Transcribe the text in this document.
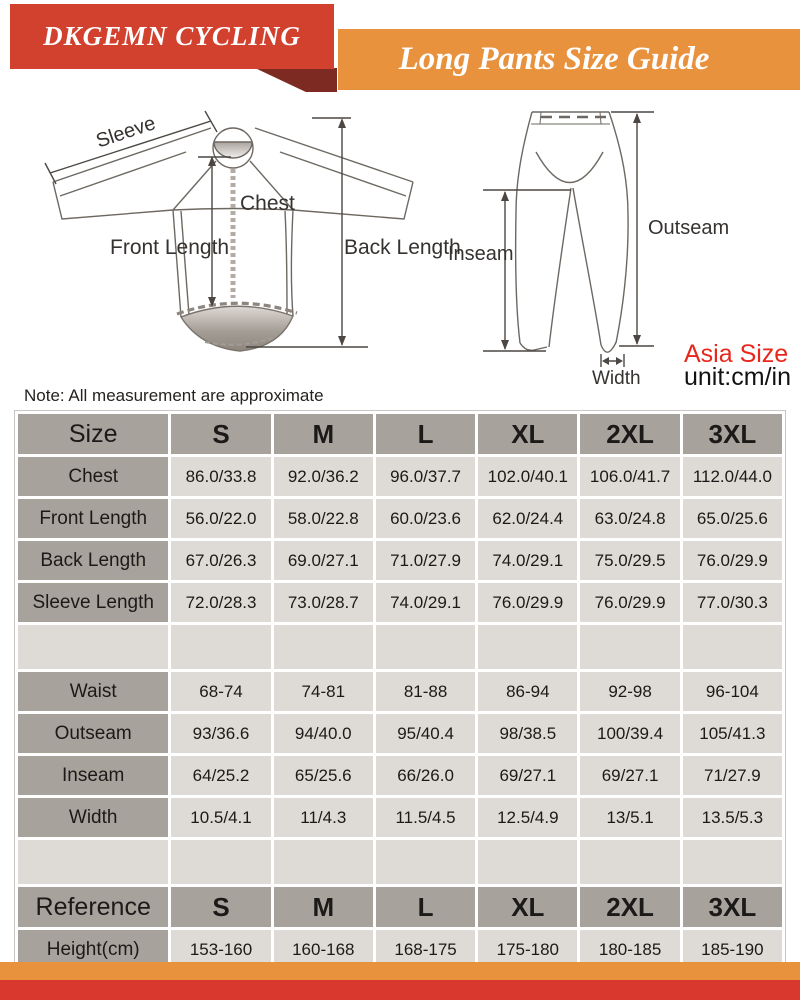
Long Pants Size Guide
DKGEMN CYCLING
Sleeve
Chest
Front Length	Back Length
Inseam
Outseam
Width
Asia Size
unit:cm/in
Note: All measurement are approximate
Size	S	M	L	XL	2XL	3XL
Chest	86.0/33.8	92.0/36.2	96.0/37.7	102.0/40.1	106.0/41.7	112.0/44.0
Front Length	56.0/22.0	58.0/22.8	60.0/23.6	62.0/24.4	63.0/24.8	65.0/25.6
Back Length	67.0/26.3	69.0/27.1	71.0/27.9	74.0/29.1	75.0/29.5	76.0/29.9
Sleeve Length	72.0/28.3	73.0/28.7	74.0/29.1	76.0/29.9	76.0/29.9	77.0/30.3

Waist	68-74	74-81	81-88	86-94	92-98	96-104
Outseam	93/36.6	94/40.0	95/40.4	98/38.5	100/39.4	105/41.3
Inseam	64/25.2	65/25.6	66/26.0	69/27.1	69/27.1	71/27.9
Width	10.5/4.1	11/4.3	11.5/4.5	12.5/4.9	13/5.1	13.5/5.3

Reference	S	M	L	XL	2XL	3XL
Height(cm)	153-160	160-168	168-175	175-180	180-185	185-190
